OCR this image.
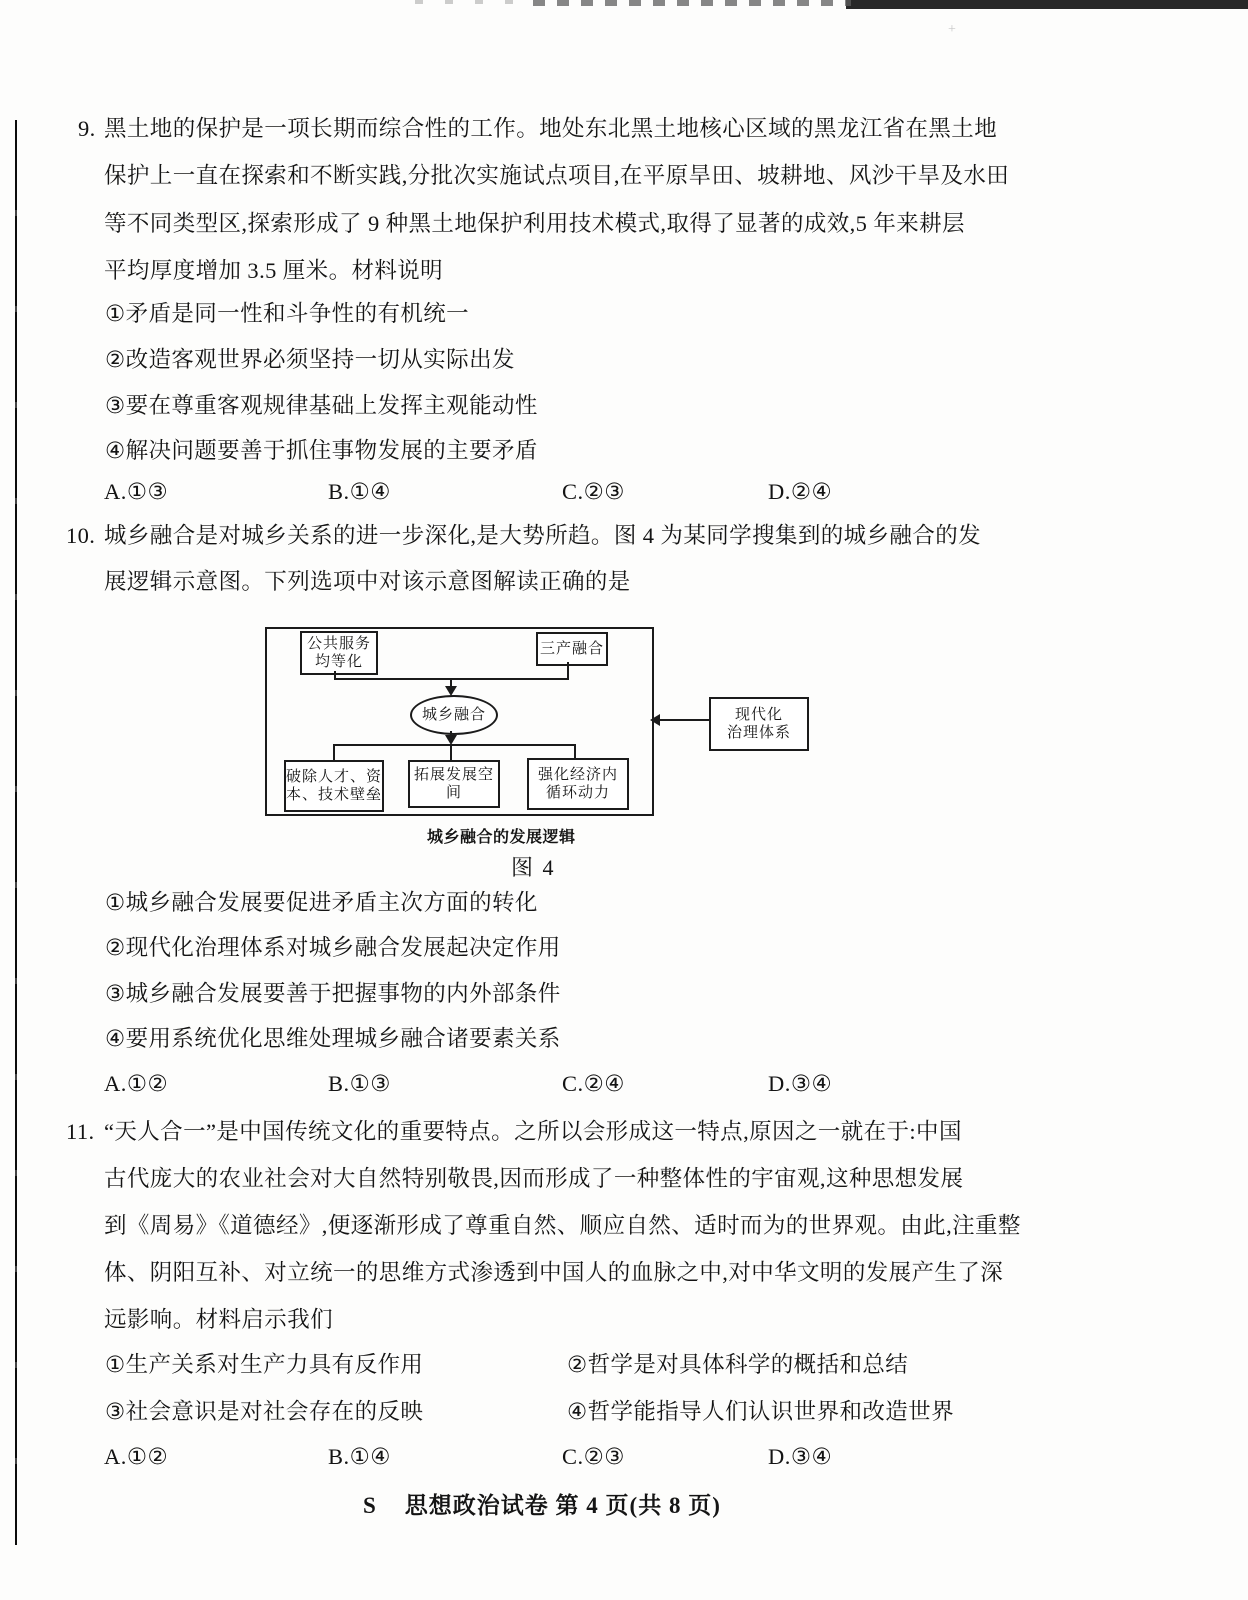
+
9. 黑土地的保护是一项长期而综合性的工作。地处东北黑土地核心区域的黑龙江省在黑土地
保护上一直在探索和不断实践,分批次实施试点项目,在平原旱田、坡耕地、风沙干旱及水田
等不同类型区,探索形成了 9 种黑土地保护利用技术模式,取得了显著的成效,5 年来耕层
平均厚度增加 3.5 厘米。材料说明
①矛盾是同一性和斗争性的有机统一
②改造客观世界必须坚持一切从实际出发
③要在尊重客观规律基础上发挥主观能动性
④解决问题要善于抓住事物发展的主要矛盾
A.①③	B.①④	C.②③	D.②④
10. 城乡融合是对城乡关系的进一步深化,是大势所趋。图 4 为某同学搜集到的城乡融合的发
展逻辑示意图。下列选项中对该示意图解读正确的是
公共服务
均等化
三产融合
城乡融合
破除人才、资
本、技术壁垒
拓展发展空间
强化经济内
循环动力
现代化
治理体系
城乡融合的发展逻辑
图 4
①城乡融合发展要促进矛盾主次方面的转化
②现代化治理体系对城乡融合发展起决定作用
③城乡融合发展要善于把握事物的内外部条件
④要用系统优化思维处理城乡融合诸要素关系
A.①②	B.①③	C.②④	D.③④
11. “天人合一”是中国传统文化的重要特点。之所以会形成这一特点,原因之一就在于:中国
古代庞大的农业社会对大自然特别敬畏,因而形成了一种整体性的宇宙观,这种思想发展
到《周易》《道德经》,便逐渐形成了尊重自然、顺应自然、适时而为的世界观。由此,注重整
体、阴阳互补、对立统一的思维方式渗透到中国人的血脉之中,对中华文明的发展产生了深
远影响。材料启示我们
①生产关系对生产力具有反作用	②哲学是对具体科学的概括和总结
③社会意识是对社会存在的反映	④哲学能指导人们认识世界和改造世界
A.①②	B.①④	C.②③	D.③④
S 思想政治试卷 第 4 页(共 8 页)
